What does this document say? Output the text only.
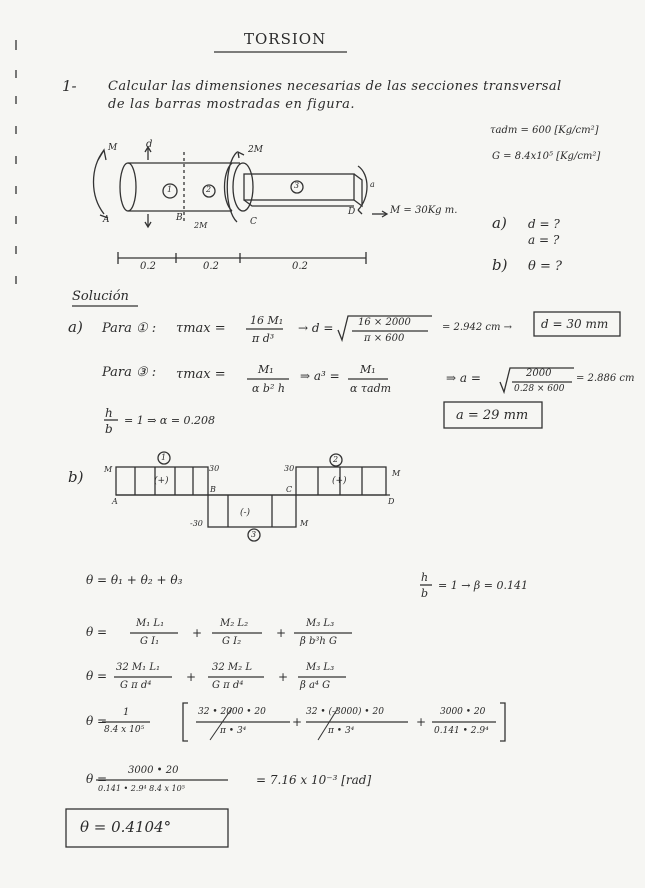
TORSION
1- Calcular las dimensiones necesarias de las secciones transversal
de las barras mostradas en figura.
τadm = 600 [Kg/cm²]
G = 8.4x10⁵ [Kg/cm²]
M	d	2M
A	B
2M	C
D	M = 30Kg m.
a
1	2	3
0.2	0.2	0.2
a) d = ?
a = ?
b) θ = ?
Solución
a) Para ① : τmax =
16 M₁
π d³
→ d = 16 × 2000
π × 600
= 2.942 cm → d = 30 mm
Para ③ : τmax =	M₁
α b² h
⇒ a³ = M₁
α τadm
⇒ a =	2000
0.28 × 600
= 2.886 cm
h
b
= 1 ⇒ α = 0.208	a = 29 mm
b)	M
A
1
(+)
30
B
30
C
2
(+)
M
D
-30
(-)
M
3
θ = θ₁ + θ₂ + θ₃	h
b
= 1 → β = 0.141
θ =
M₁ L₁
G I₁
+
M₂ L₂
G I₂
+
M₃ L₃
β b³h G
θ =
32 M₁ L₁
G π d⁴
+
32 M₂ L
G π d⁴
+
M₃ L₃
β a⁴ G
θ =
1
8.4 x 10⁵
32 • 2000 • 20
π • 3⁴
+
32 • (-3000) • 20
π • 3⁴
+
3000 • 20
0.141 • 2.9⁴
θ =
3000 • 20
0.141 • 2.9⁴ 8.4 x 10⁵
= 7.16 x 10⁻³ [rad]
θ = 0.4104°
